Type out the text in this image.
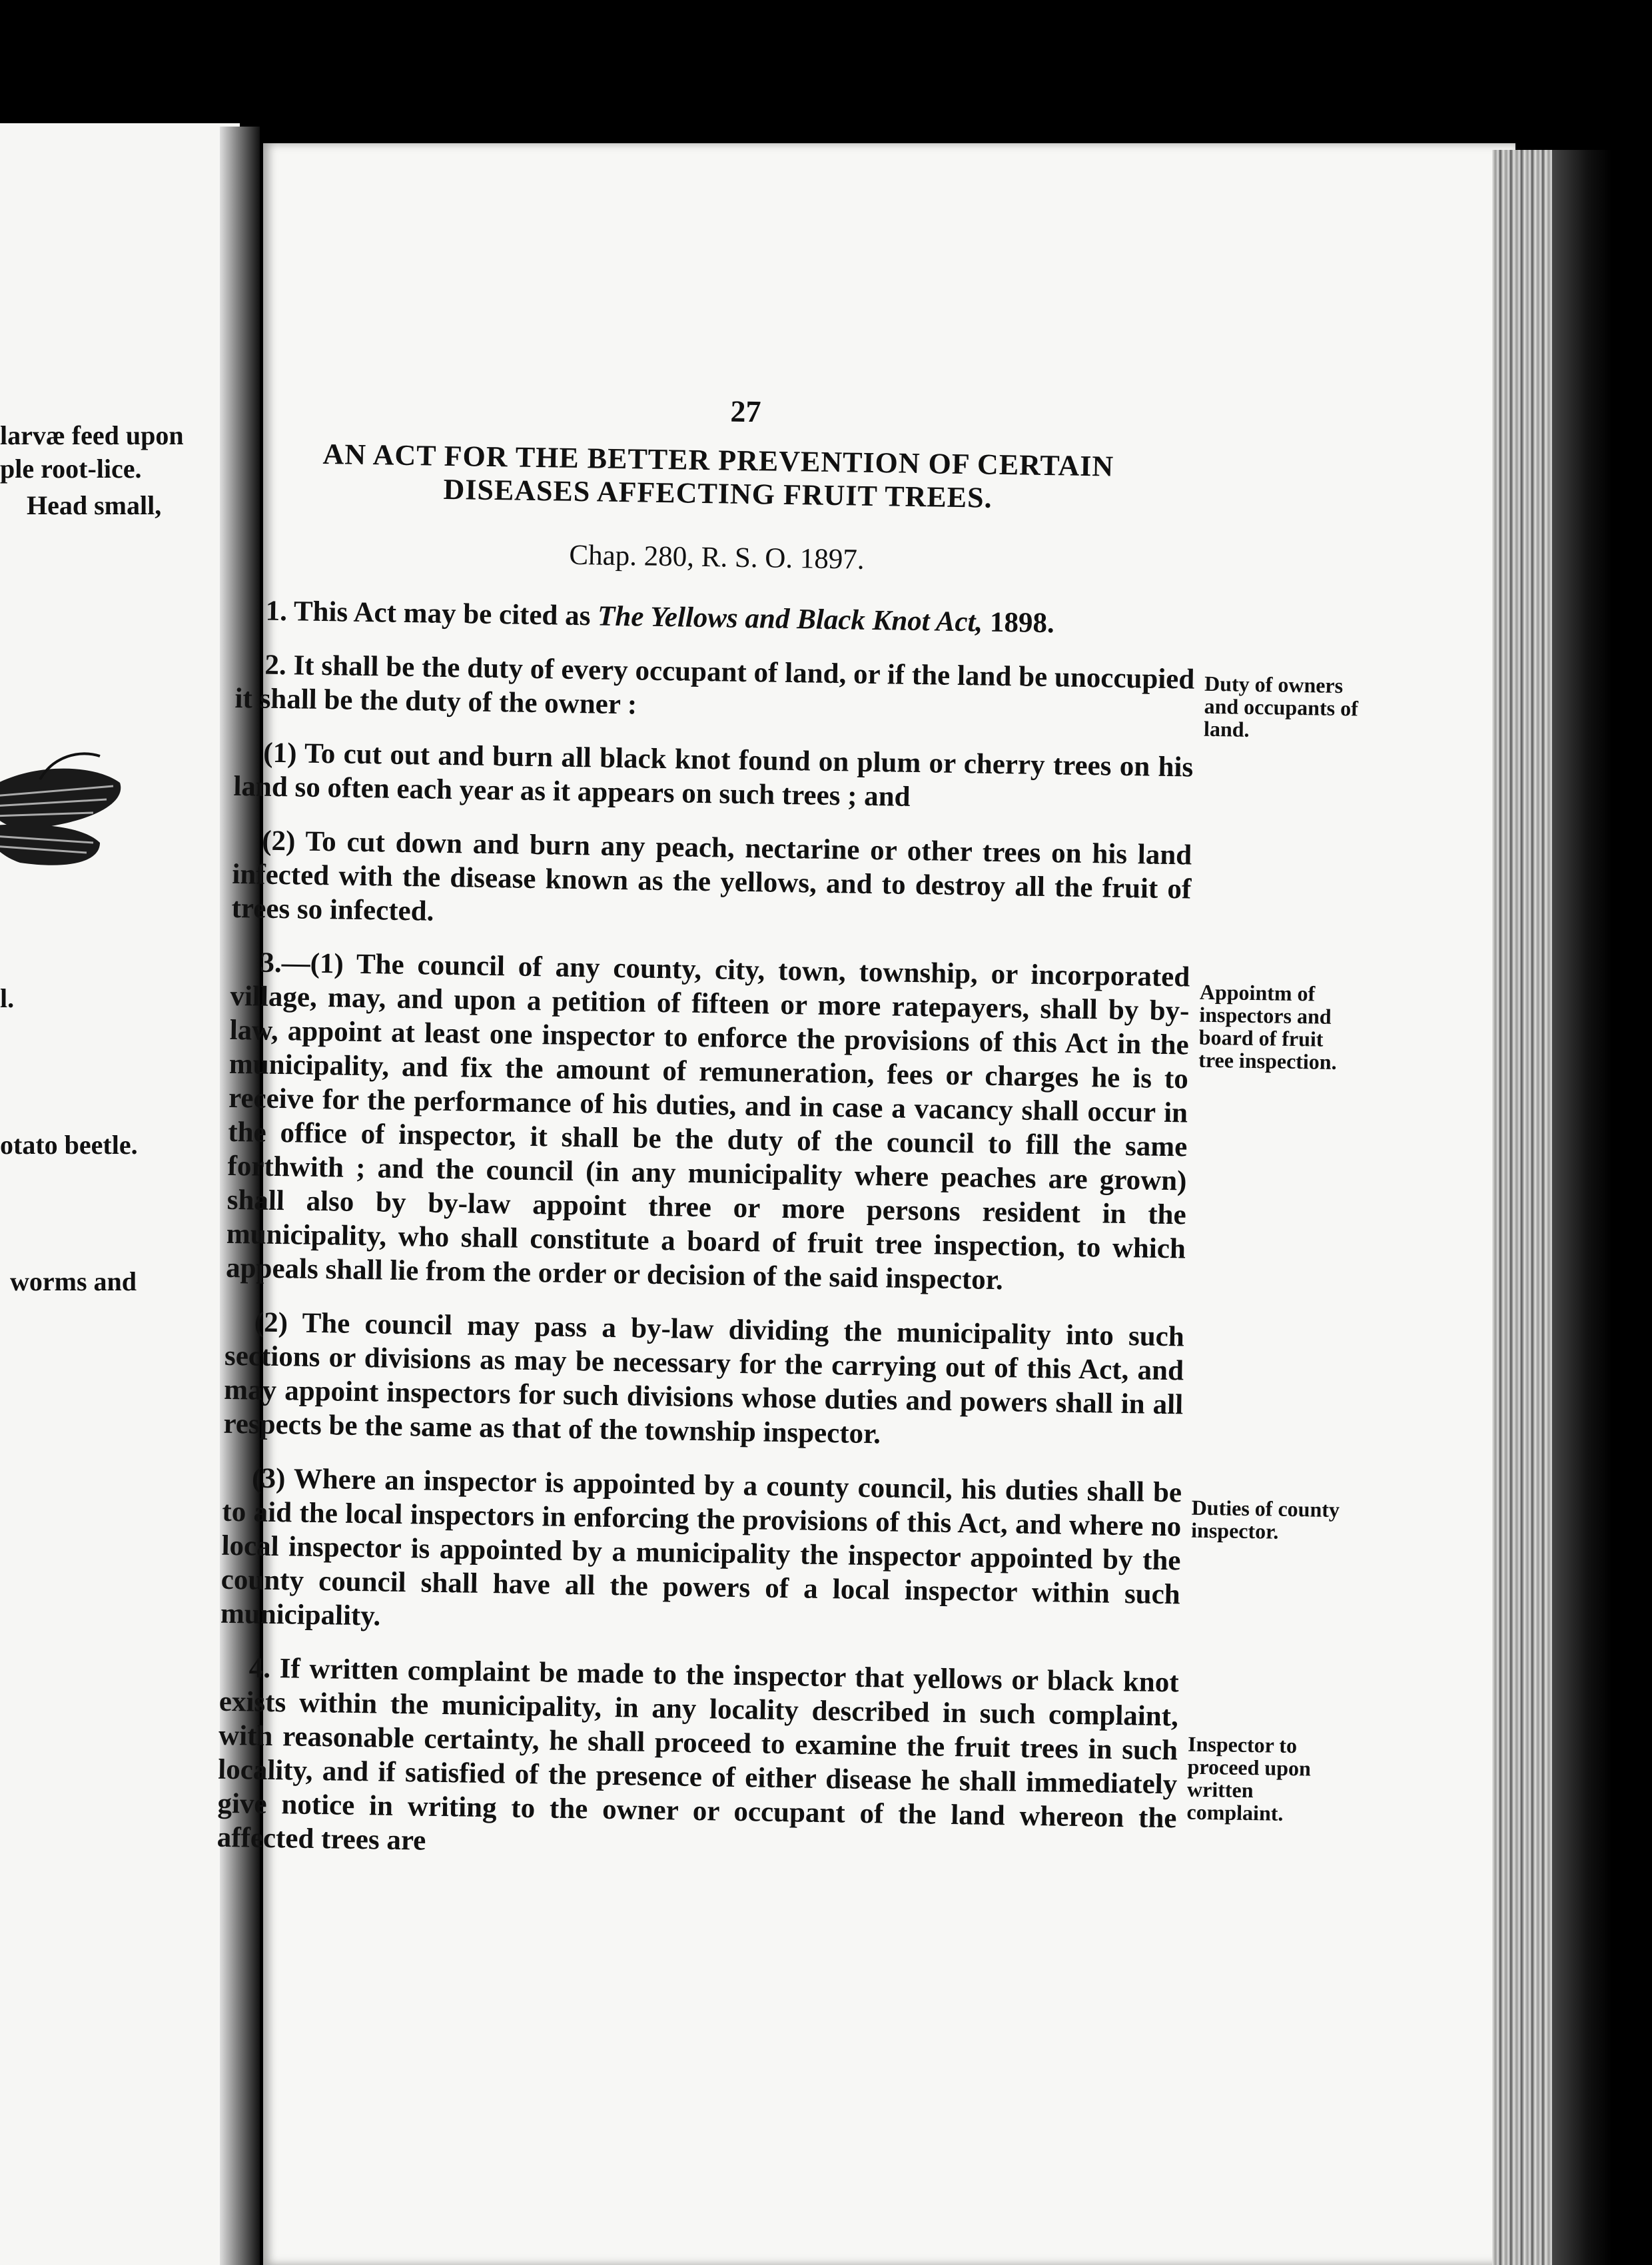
larvæ feed upon
ple root-lice.
Head small,
l.
otato beetle.
worms and
27
AN ACT FOR THE BETTER PREVENTION OF CERTAIN
DISEASES AFFECTING FRUIT TREES.
Chap. 280, R. S. O. 1897.

1. This Act may be cited as The Yellows and Black Knot Act, 1898.

Duty of owners and occupants of land.

2. It shall be the duty of every occupant of land, or if the land be unoccupied it shall be the duty of the owner :

(1) To cut out and burn all black knot found on plum or cherry trees on his land so often each year as it appears on such trees ; and

(2) To cut down and burn any peach, nectarine or other trees on his land infected with the disease known as the yellows, and to destroy all the fruit of trees so infected.

Appointm of inspectors and board of fruit tree inspection.

3.—(1) The council of any county, city, town, township, or incorporated village, may, and upon a petition of fifteen or more ratepayers, shall by by-law, appoint at least one inspector to enforce the provisions of this Act in the municipality, and fix the amount of remuneration, fees or charges he is to receive for the performance of his duties, and in case a vacancy shall occur in the office of inspector, it shall be the duty of the council to fill the same forthwith ; and the council (in any municipality where peaches are grown) shall also by by-law appoint three or more persons resident in the municipality, who shall constitute a board of fruit tree inspection, to which appeals shall lie from the order or decision of the said inspector.

(2) The council may pass a by-law dividing the municipality into such sections or divisions as may be necessary for the carrying out of this Act, and may appoint inspectors for such divisions whose duties and powers shall in all respects be the same as that of the township inspector.

Duties of county inspector.

(3) Where an inspector is appointed by a county council, his duties shall be to aid the local inspectors in enforcing the provisions of this Act, and where no local inspector is appointed by a municipality the inspector appointed by the county council shall have all the powers of a local inspector within such municipality.

Inspector to proceed upon written complaint.

4. If written complaint be made to the inspector that yellows or black knot exists within the municipality, in any locality described in such complaint, with reasonable certainty, he shall proceed to examine the fruit trees in such locality, and if satisfied of the presence of either disease he shall immediately give notice in writing to the owner or occupant of the land whereon the affected trees are
